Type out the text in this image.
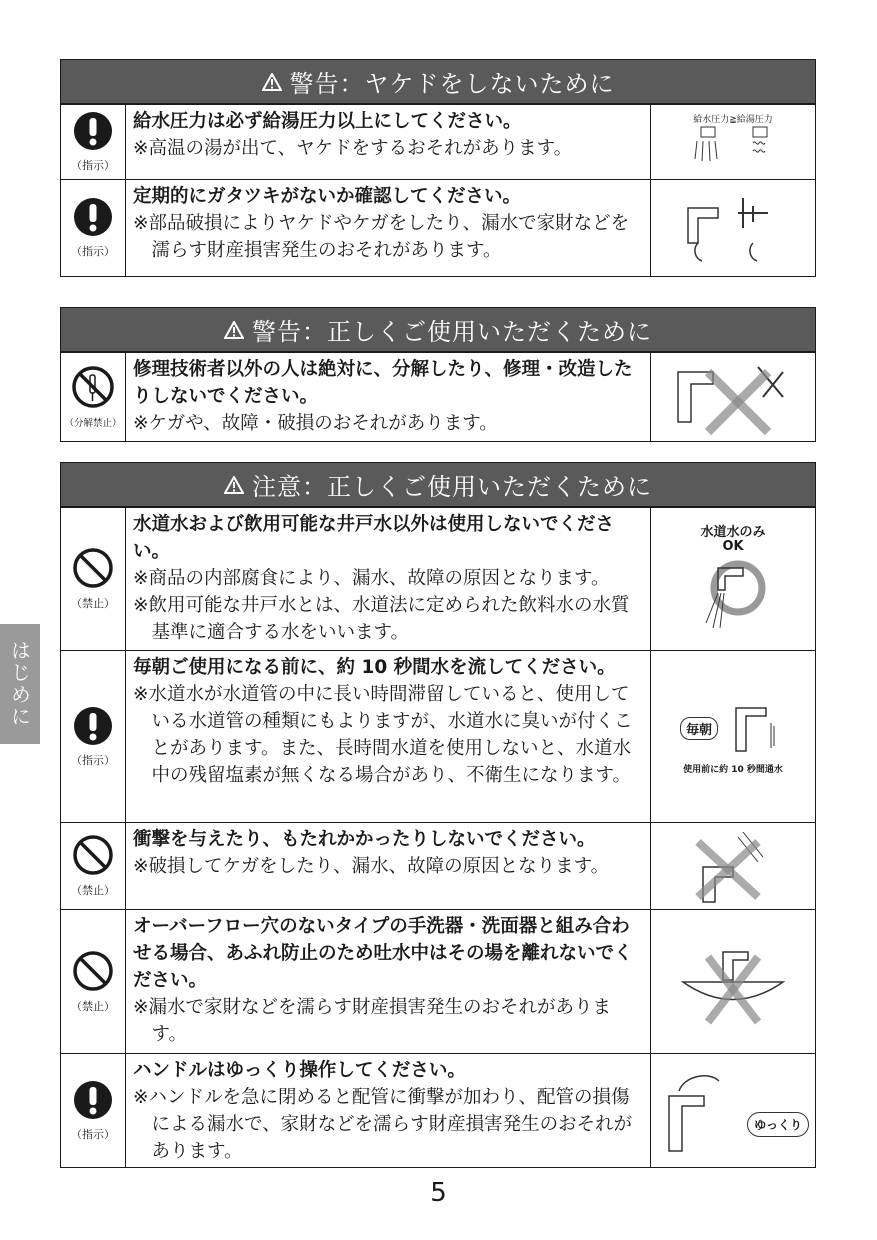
警告：ヤケドをしないために
（指示）
給水圧力は必ず給湯圧力以上にしてください。
※高温の湯が出て、ヤケドをするおそれがあります。
給水圧力≧給湯圧力
（指示）
定期的にガタツキがないか確認してください。
※部品破損によりヤケドやケガをしたり、漏水で家財などを濡らす財産損害発生のおそれがあります。
警告：正しくご使用いただくために
（分解禁止）
修理技術者以外の人は絶対に、分解したり、修理・改造したりしないでください。
※ケガや、故障・破損のおそれがあります。
注意：正しくご使用いただくために
（禁止）
水道水および飲用可能な井戸水以外は使用しないでください。
※商品の内部腐食により、漏水、故障の原因となります。
※飲用可能な井戸水とは、水道法に定められた飲料水の水質基準に適合する水をいいます。
水道水のみ
OK
（指示）
毎朝ご使用になる前に、約 10 秒間水を流してください。
※水道水が水道管の中に長い時間滞留していると、使用している水道管の種類にもよりますが、水道水に臭いが付くことがあります。また、長時間水道を使用しないと、水道水中の残留塩素が無くなる場合があり、不衛生になります。
毎朝
使用前に約 10 秒間通水
（禁止）
衝撃を与えたり、もたれかかったりしないでください。
※破損してケガをしたり、漏水、故障の原因となります。
（禁止）
オーバーフロー穴のないタイプの手洗器・洗面器と組み合わせる場合、あふれ防止のため吐水中はその場を離れないでください。
※漏水で家財などを濡らす財産損害発生のおそれがあります。
（指示）
ハンドルはゆっくり操作してください。
※ハンドルを急に閉めると配管に衝撃が加わり、配管の損傷による漏水で、家財などを濡らす財産損害発生のおそれがあります。
ゆっくり
はじめに
5
